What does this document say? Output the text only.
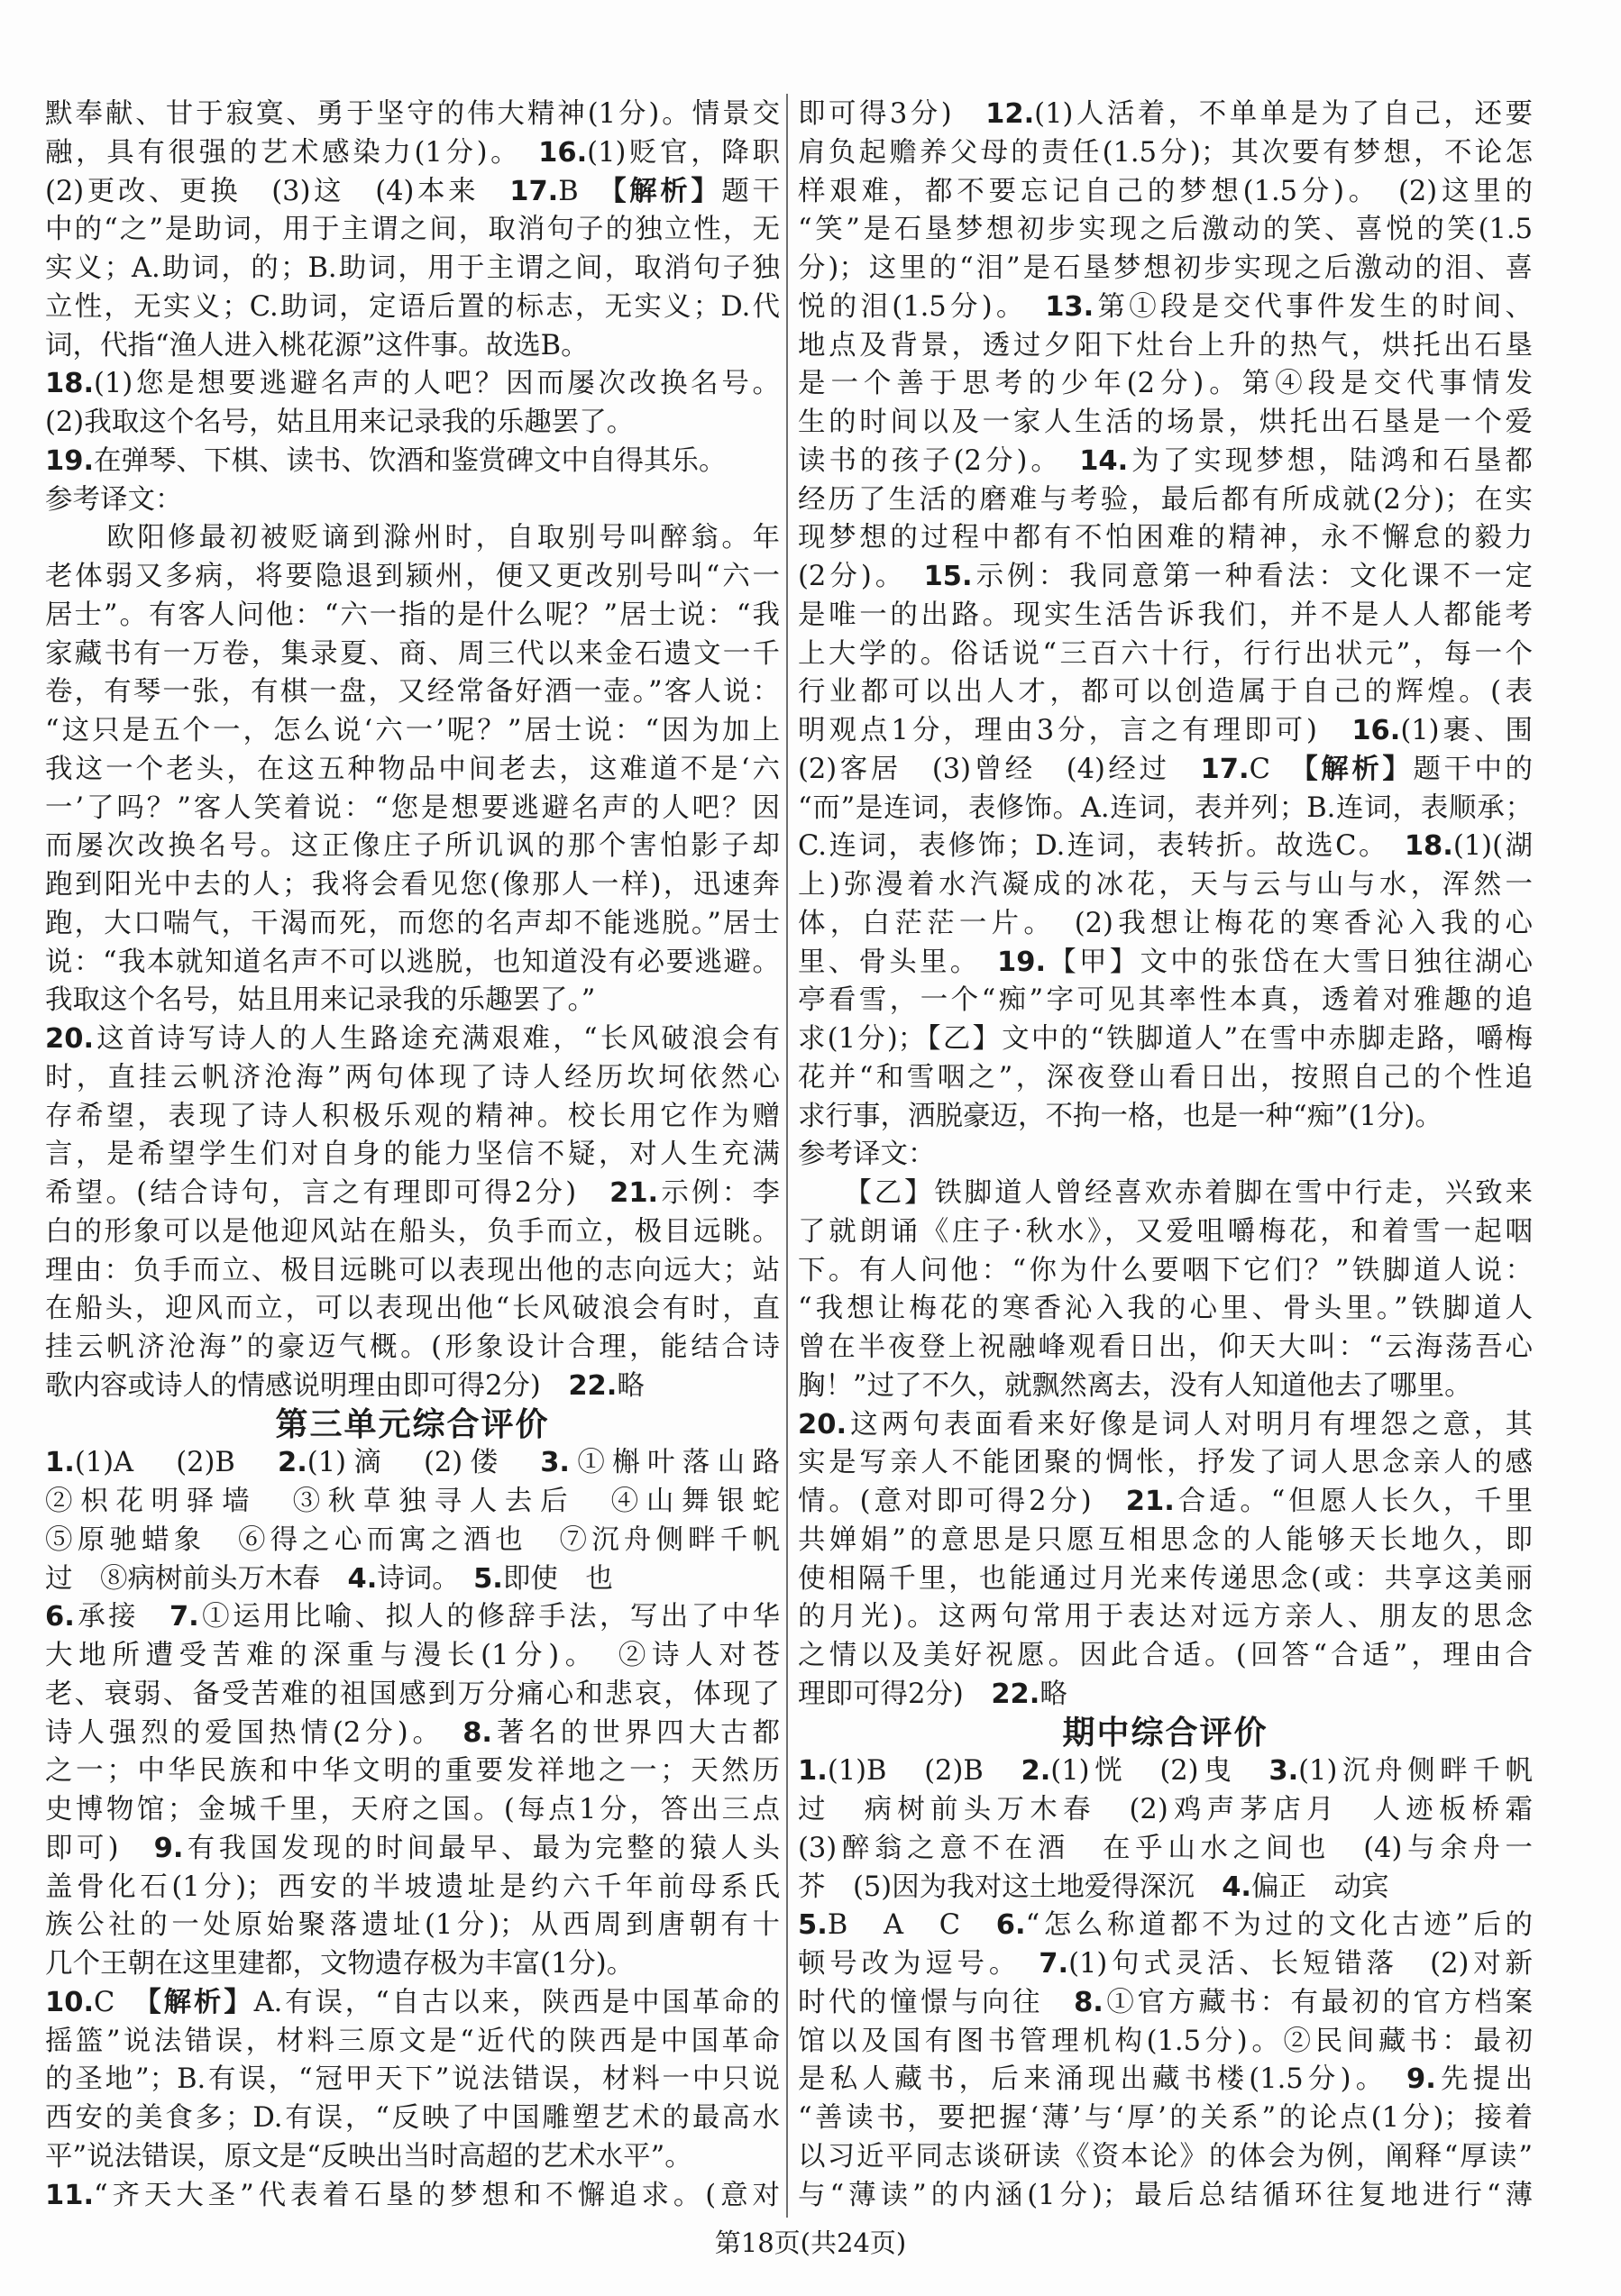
默奉献、甘于寂寞、勇于坚守的伟大精神(1分)。情景交
融，具有很强的艺术感染力(1分)。　16.(1)贬官，降职
(2)更改、更换　(3)这　(4)本来　17.B　【解析】题干
中的“之”是助词，用于主谓之间，取消句子的独立性，无
实义；A.助词，的；B.助词，用于主谓之间，取消句子独
立性，无实义；C.助词，定语后置的标志，无实义；D.代
词，代指“渔人进入桃花源”这件事。故选B。
18.(1)您是想要逃避名声的人吧？因而屡次改换名号。
(2)我取这个名号，姑且用来记录我的乐趣罢了。
19.在弹琴、下棋、读书、饮酒和鉴赏碑文中自得其乐。
参考译文：
　　欧阳修最初被贬谪到滁州时，自取别号叫醉翁。年
老体弱又多病，将要隐退到颍州，便又更改别号叫“六一
居士”。有客人问他：“六一指的是什么呢？”居士说：“我
家藏书有一万卷，集录夏、商、周三代以来金石遗文一千
卷，有琴一张，有棋一盘，又经常备好酒一壶。”客人说：
“这只是五个一，怎么说‘六一’呢？”居士说：“因为加上
我这一个老头，在这五种物品中间老去，这难道不是‘六
一’了吗？”客人笑着说：“您是想要逃避名声的人吧？因
而屡次改换名号。这正像庄子所讥讽的那个害怕影子却
跑到阳光中去的人；我将会看见您(像那人一样)，迅速奔
跑，大口喘气，干渴而死，而您的名声却不能逃脱。”居士
说：“我本就知道名声不可以逃脱，也知道没有必要逃避。
我取这个名号，姑且用来记录我的乐趣罢了。”
20.这首诗写诗人的人生路途充满艰难，“长风破浪会有
时，直挂云帆济沧海”两句体现了诗人经历坎坷依然心
存希望，表现了诗人积极乐观的精神。校长用它作为赠
言，是希望学生们对自身的能力坚信不疑，对人生充满
希望。(结合诗句，言之有理即可得2分)　21.示例：李
白的形象可以是他迎风站在船头，负手而立，极目远眺。
理由：负手而立、极目远眺可以表现出他的志向远大；站
在船头，迎风而立，可以表现出他“长风破浪会有时，直
挂云帆济沧海”的豪迈气概。(形象设计合理，能结合诗
歌内容或诗人的情感说明理由即可得2分)　22.略
第三单元综合评价
1.(1)A　(2)B　2.(1)滴　(2)偻　3.①槲叶落山路
②枳花明驿墙　③秋草独寻人去后　④山舞银蛇
⑤原驰蜡象　⑥得之心而寓之酒也　⑦沉舟侧畔千帆
过　⑧病树前头万木春　4.诗词。　5.即使　也
6.承接　7.①运用比喻、拟人的修辞手法，写出了中华
大地所遭受苦难的深重与漫长(1分)。　②诗人对苍
老、衰弱、备受苦难的祖国感到万分痛心和悲哀，体现了
诗人强烈的爱国热情(2分)。　8.著名的世界四大古都
之一；中华民族和中华文明的重要发祥地之一；天然历
史博物馆；金城千里，天府之国。(每点1分，答出三点
即可)　9.有我国发现的时间最早、最为完整的猿人头
盖骨化石(1分)；西安的半坡遗址是约六千年前母系氏
族公社的一处原始聚落遗址(1分)；从西周到唐朝有十
几个王朝在这里建都，文物遗存极为丰富(1分)。
10.C　【解析】A.有误，“自古以来，陕西是中国革命的
摇篮”说法错误，材料三原文是“近代的陕西是中国革命
的圣地”；B.有误，“冠甲天下”说法错误，材料一中只说
西安的美食多；D.有误，“反映了中国雕塑艺术的最高水
平”说法错误，原文是“反映出当时高超的艺术水平”。
11.“齐天大圣”代表着石垦的梦想和不懈追求。(意对
即可得3分)　12.(1)人活着，不单单是为了自己，还要
肩负起赡养父母的责任(1.5分)；其次要有梦想，不论怎
样艰难，都不要忘记自己的梦想(1.5分)。　(2)这里的
“笑”是石垦梦想初步实现之后激动的笑、喜悦的笑(1.5
分)；这里的“泪”是石垦梦想初步实现之后激动的泪、喜
悦的泪(1.5分)。　13.第①段是交代事件发生的时间、
地点及背景，透过夕阳下灶台上升的热气，烘托出石垦
是一个善于思考的少年(2分)。第④段是交代事情发
生的时间以及一家人生活的场景，烘托出石垦是一个爱
读书的孩子(2分)。　14.为了实现梦想，陆鸿和石垦都
经历了生活的磨难与考验，最后都有所成就(2分)；在实
现梦想的过程中都有不怕困难的精神，永不懈怠的毅力
(2分)。　15.示例：我同意第一种看法：文化课不一定
是唯一的出路。现实生活告诉我们，并不是人人都能考
上大学的。俗话说“三百六十行，行行出状元”，每一个
行业都可以出人才，都可以创造属于自己的辉煌。(表
明观点1分，理由3分，言之有理即可)　16.(1)裹、围
(2)客居　(3)曾经　(4)经过　17.C　【解析】题干中的
“而”是连词，表修饰。A.连词，表并列；B.连词，表顺承；
C.连词，表修饰；D.连词，表转折。故选C。　18.(1)(湖
上)弥漫着水汽凝成的冰花，天与云与山与水，浑然一
体，白茫茫一片。　(2)我想让梅花的寒香沁入我的心
里、骨头里。　19.【甲】文中的张岱在大雪日独往湖心
亭看雪，一个“痴”字可见其率性本真，透着对雅趣的追
求(1分)；【乙】文中的“铁脚道人”在雪中赤脚走路，嚼梅
花并“和雪咽之”，深夜登山看日出，按照自己的个性追
求行事，洒脱豪迈，不拘一格，也是一种“痴”(1分)。
参考译文：
　　【乙】铁脚道人曾经喜欢赤着脚在雪中行走，兴致来
了就朗诵《庄子·秋水》，又爱咀嚼梅花，和着雪一起咽
下。有人问他：“你为什么要咽下它们？”铁脚道人说：
“我想让梅花的寒香沁入我的心里、骨头里。”铁脚道人
曾在半夜登上祝融峰观看日出，仰天大叫：“云海荡吾心
胸！”过了不久，就飘然离去，没有人知道他去了哪里。
20.这两句表面看来好像是词人对明月有埋怨之意，其
实是写亲人不能团聚的惆怅，抒发了词人思念亲人的感
情。(意对即可得2分)　21.合适。“但愿人长久，千里
共婵娟”的意思是只愿互相思念的人能够天长地久，即
使相隔千里，也能通过月光来传递思念(或：共享这美丽
的月光)。这两句常用于表达对远方亲人、朋友的思念
之情以及美好祝愿。因此合适。(回答“合适”，理由合
理即可得2分)　22.略
期中综合评价
1.(1)B　(2)B　2.(1)恍　(2)曳　3.(1)沉舟侧畔千帆
过　病树前头万木春　(2)鸡声茅店月　人迹板桥霜
(3)醉翁之意不在酒　在乎山水之间也　(4)与余舟一
芥　(5)因为我对这土地爱得深沉　4.偏正　动宾
5.B　A　C　6.“怎么称道都不为过的文化古迹”后的
顿号改为逗号。　7.(1)句式灵活、长短错落　(2)对新
时代的憧憬与向往　8.①官方藏书：有最初的官方档案
馆以及国有图书管理机构(1.5分)。②民间藏书：最初
是私人藏书，后来涌现出藏书楼(1.5分)。　9.先提出
“善读书，要把握‘薄’与‘厚’的关系”的论点(1分)；接着
以习近平同志谈研读《资本论》的体会为例，阐释“厚读”
与“薄读”的内涵(1分)；最后总结循环往复地进行“薄
第18页(共24页)
